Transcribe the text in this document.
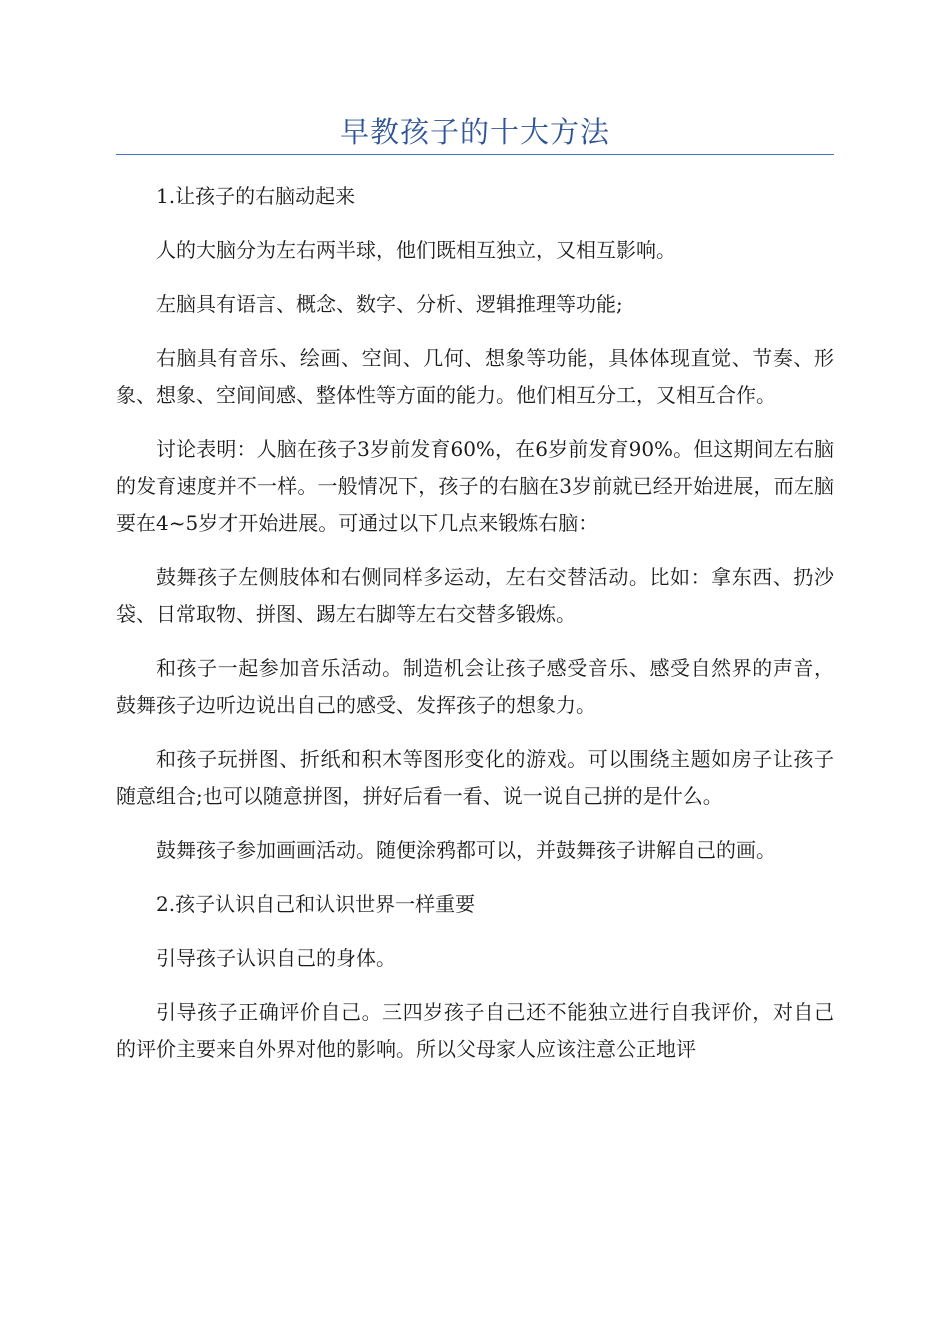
早教孩子的十大方法

1.让孩子的右脑动起来

人的大脑分为左右两半球，他们既相互独立，又相互影响。

左脑具有语言、概念、数字、分析、逻辑推理等功能;

右脑具有音乐、绘画、空间、几何、想象等功能，具体体现直觉、节奏、形象、想象、空间间感、整体性等方面的能力。他们相互分工，又相互合作。

讨论表明：人脑在孩子3岁前发育60%，在6岁前发育90%。但这期间左右脑的发育速度并不一样。一般情况下，孩子的右脑在3岁前就已经开始进展，而左脑要在4~5岁才开始进展。可通过以下几点来锻炼右脑：

鼓舞孩子左侧肢体和右侧同样多运动，左右交替活动。比如：拿东西、扔沙袋、日常取物、拼图、踢左右脚等左右交替多锻炼。

和孩子一起参加音乐活动。制造机会让孩子感受音乐、感受自然界的声音，鼓舞孩子边听边说出自己的感受、发挥孩子的想象力。

和孩子玩拼图、折纸和积木等图形变化的游戏。可以围绕主题如房子让孩子随意组合;也可以随意拼图，拼好后看一看、说一说自己拼的是什么。

鼓舞孩子参加画画活动。随便涂鸦都可以，并鼓舞孩子讲解自己的画。

2.孩子认识自己和认识世界一样重要

引导孩子认识自己的身体。

引导孩子正确评价自己。三四岁孩子自己还不能独立进行自我评价，对自己的评价主要来自外界对他的影响。所以父母家人应该注意公正地评
